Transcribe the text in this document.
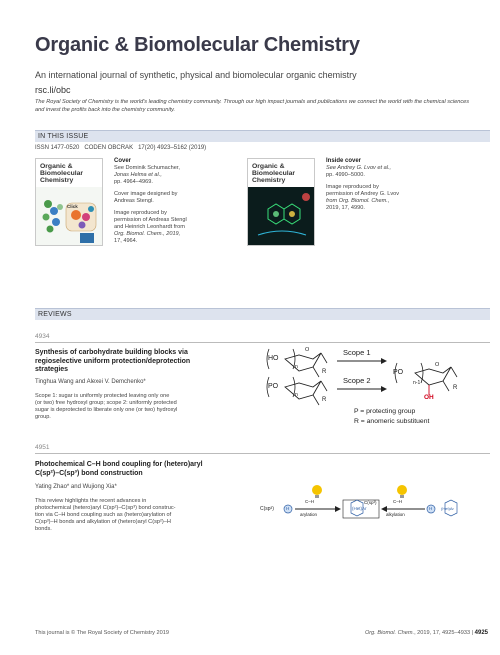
Organic & Biomolecular Chemistry
An international journal of synthetic, physical and biomolecular organic chemistry
rsc.li/obc
The Royal Society of Chemistry is the world's leading chemistry community. Through our high impact journals and publications we connect the world with the chemical sciences and invest the profits back into the chemistry community.
IN THIS ISSUE
ISSN 1477-0520 CODEN OBCRAK 17(20) 4923–5162 (2019)
Organic &
Biomolecular
Chemistry
Click
Cover
See Dominik Schumacher,
Jonas Helma et al.,
pp. 4964–4969.
Cover image designed by
Andreas Stengl.
Image reproduced by
permission of Andreas Stengl
and Heinrich Leonhardt from
Org. Biomol. Chem., 2019,
17, 4964.
Organic &
Biomolecular
Chemistry
Inside cover
See Andrey G. Lvov et al.,
pp. 4990–5000.
Image reproduced by
permission of Andrey G. Lvov
from Org. Biomol. Chem.,
2019, 17, 4990.
REVIEWS
4934
Synthesis of carbohydrate building blocks via
regioselective uniform protection/deprotection
strategies
Tinghua Wang and Alexei V. Demchenko*
Scope 1: sugar is uniformly protected leaving only one
(or two) free hydroxyl group; scope 2: uniformly protected
sugar is deprotected to liberate only one (or two) hydroxyl
group.
HO
n
O
R
PO
n
R
Scope 1
Scope 2
PO
n-1
O
OH
R
P = protecting group
R = anomeric substituent
4951
Photochemical C–H bond coupling for (hetero)aryl
C(sp²)–C(sp³) bond construction
Yating Zhao* and Wujiong Xia*
This review highlights the recent advances in
photochemical (hetero)aryl C(sp²)–C(sp³) bond construc-
tion via C–H bond coupling such as (hetero)arylation of
C(sp³)–H bonds and alkylation of (hetero)aryl C(sp²)–H
bonds.
C(sp³)	H
C–H
arylation
(Het)Ar
C(sp³)	C–H
alkylation
H (Het)Ar
This journal is © The Royal Society of Chemistry 2019	Org. Biomol. Chem., 2019, 17, 4925–4933 | 4925
